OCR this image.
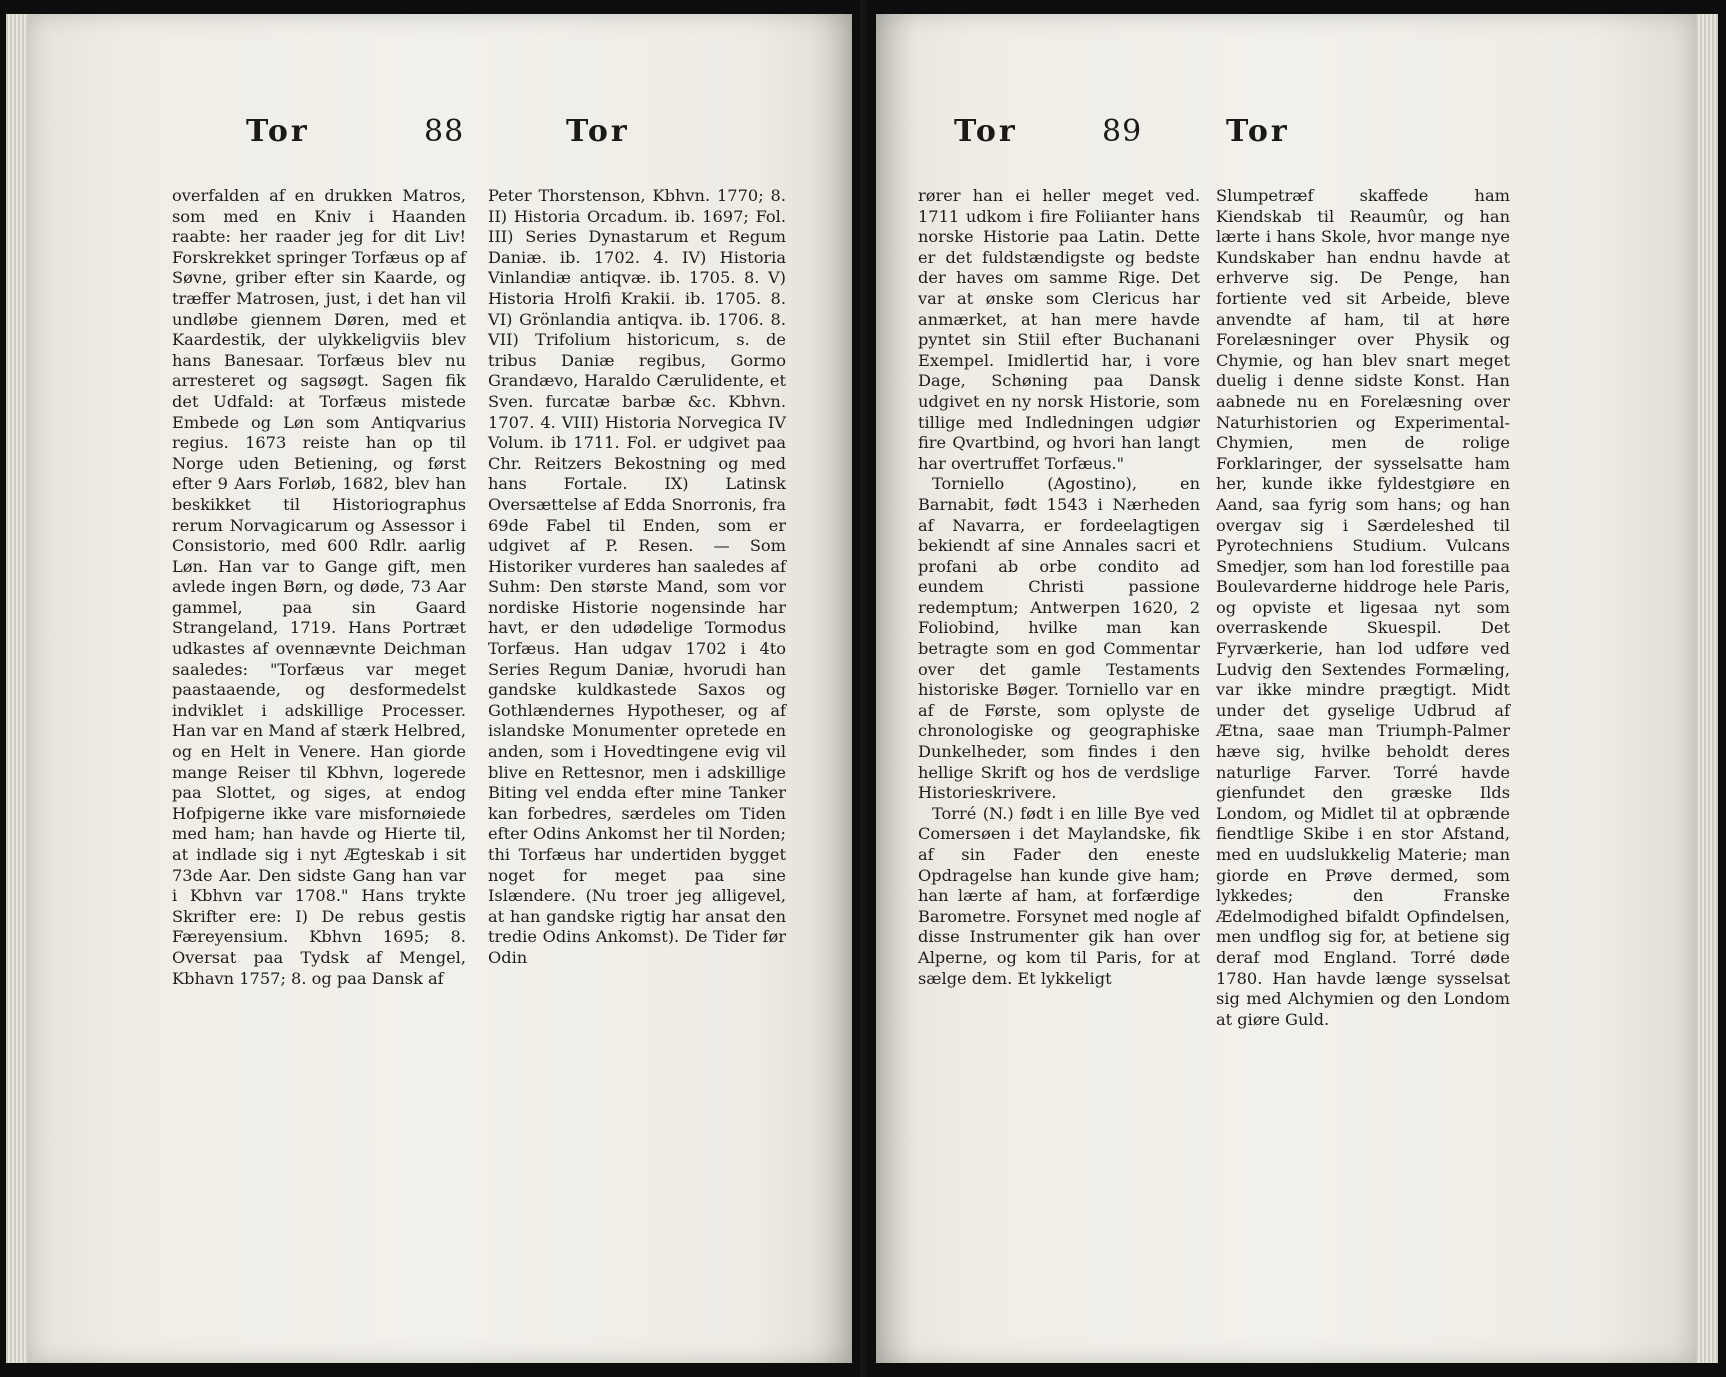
Tor	88	Tor

overfalden af en drukken Matros, som med en Kniv i Haanden raabte: her raader jeg for dit Liv! Forskrekket springer Torfæus op af Søvne, griber efter sin Kaarde, og træffer Matrosen, just, i det han vil undløbe giennem Døren, med et Kaardestik, der ulykkeligviis blev hans Banesaar. Torfæus blev nu arresteret og sagsøgt. Sagen fik det Udfald: at Torfæus mistede Embede og Løn som Antiqvarius regius. 1673 reiste han op til Norge uden Betiening, og først efter 9 Aars Forløb, 1682, blev han beskikket til Historiographus rerum Norvagicarum og Assessor i Consistorio, med 600 Rdlr. aarlig Løn. Han var to Gange gift, men avlede ingen Børn, og døde, 73 Aar gammel, paa sin Gaard Strangeland, 1719. Hans Portræt udkastes af ovennævnte Deichman saaledes: "Torfæus var meget paastaaende, og desformedelst indviklet i adskillige Processer. Han var en Mand af stærk Helbred, og en Helt in Venere. Han giorde mange Reiser til Kbhvn, logerede paa Slottet, og siges, at endog Hofpigerne ikke vare misfornøiede med ham; han havde og Hierte til, at indlade sig i nyt Ægteskab i sit 73de Aar. Den sidste Gang han var i Kbhvn var 1708." Hans trykte Skrifter ere: I) De rebus gestis Færeyensium. Kbhvn 1695; 8. Oversat paa Tydsk af Mengel, Kbhavn 1757; 8. og paa Dansk af

Peter Thorstenson, Kbhvn. 1770; 8. II) Historia Orcadum. ib. 1697; Fol. III) Series Dynastarum et Regum Daniæ. ib. 1702. 4. IV) Historia Vinlandiæ antiqvæ. ib. 1705. 8. V) Historia Hrolfi Krakii. ib. 1705. 8. VI) Grönlandia antiqva. ib. 1706. 8. VII) Trifolium historicum, s. de tribus Daniæ regibus, Gormo Grandævo, Haraldo Cærulidente, et Sven. furcatæ barbæ &c. Kbhvn. 1707. 4. VIII) Historia Norvegica IV Volum. ib 1711. Fol. er udgivet paa Chr. Reitzers Bekostning og med hans Fortale. IX) Latinsk Oversættelse af Edda Snorronis, fra 69de Fabel til Enden, som er udgivet af P. Resen. — Som Historiker vurderes han saaledes af Suhm: Den største Mand, som vor nordiske Historie nogensinde har havt, er den udødelige Tormodus Torfæus. Han udgav 1702 i 4to Series Regum Daniæ, hvorudi han gandske kuldkastede Saxos og Gothlændernes Hypotheser, og af islandske Monumenter opretede en anden, som i Hovedtingene evig vil blive en Rettesnor, men i adskillige Biting vel endda efter mine Tanker kan forbedres, særdeles om Tiden efter Odins Ankomst her til Norden; thi Torfæus har undertiden bygget noget for meget paa sine Islændere. (Nu troer jeg alligevel, at han gandske rigtig har ansat den tredie Odins Ankomst). De Tider før Odin

Tor	89	Tor

rører han ei heller meget ved. 1711 udkom i fire Foliianter hans norske Historie paa Latin. Dette er det fuldstændigste og bedste der haves om samme Rige. Det var at ønske som Clericus har anmærket, at han mere havde pyntet sin Stiil efter Buchanani Exempel. Imidlertid har, i vore Dage, Schøning paa Dansk udgivet en ny norsk Historie, som tillige med Indledningen udgiør fire Qvartbind, og hvori han langt har overtruffet Torfæus."

Torniello (Agostino), en Barnabit, født 1543 i Nærheden af Navarra, er fordeelagtigen bekiendt af sine Annales sacri et profani ab orbe condito ad eundem Christi passione redemptum; Antwerpen 1620, 2 Foliobind, hvilke man kan betragte som en god Commentar over det gamle Testaments historiske Bøger. Torniello var en af de Første, som oplyste de chronologiske og geographiske Dunkelheder, som findes i den hellige Skrift og hos de verdslige Historieskrivere.

Torré (N.) født i en lille Bye ved Comersøen i det Maylandske, fik af sin Fader den eneste Opdragelse han kunde give ham; han lærte af ham, at forfærdige Barometre. Forsynet med nogle af disse Instrumenter gik han over Alperne, og kom til Paris, for at sælge dem. Et lykkeligt

Slumpetræf skaffede ham Kiendskab til Reaumûr, og han lærte i hans Skole, hvor mange nye Kundskaber han endnu havde at erhverve sig. De Penge, han fortiente ved sit Arbeide, bleve anvendte af ham, til at høre Forelæsninger over Physik og Chymie, og han blev snart meget duelig i denne sidste Konst. Han aabnede nu en Forelæsning over Naturhistorien og Experimental-Chymien, men de rolige Forklaringer, der sysselsatte ham her, kunde ikke fyldestgiøre en Aand, saa fyrig som hans; og han overgav sig i Særdeleshed til Pyrotechniens Studium. Vulcans Smedjer, som han lod forestille paa Boulevarderne hiddroge hele Paris, og opviste et ligesaa nyt som overraskende Skuespil. Det Fyrværkerie, han lod udføre ved Ludvig den Sextendes Formæling, var ikke mindre prægtigt. Midt under det gyselige Udbrud af Ætna, saae man Triumph-Palmer hæve sig, hvilke beholdt deres naturlige Farver. Torré havde gienfundet den græske Ilds Londom, og Midlet til at opbrænde fiendtlige Skibe i en stor Afstand, med en uudslukkelig Materie; man giorde en Prøve dermed, som lykkedes; den Franske Ædelmodighed bifaldt Opfindelsen, men undflog sig for, at betiene sig deraf mod England. Torré døde 1780. Han havde længe sysselsat sig med Alchymien og den Londom at giøre Guld.
